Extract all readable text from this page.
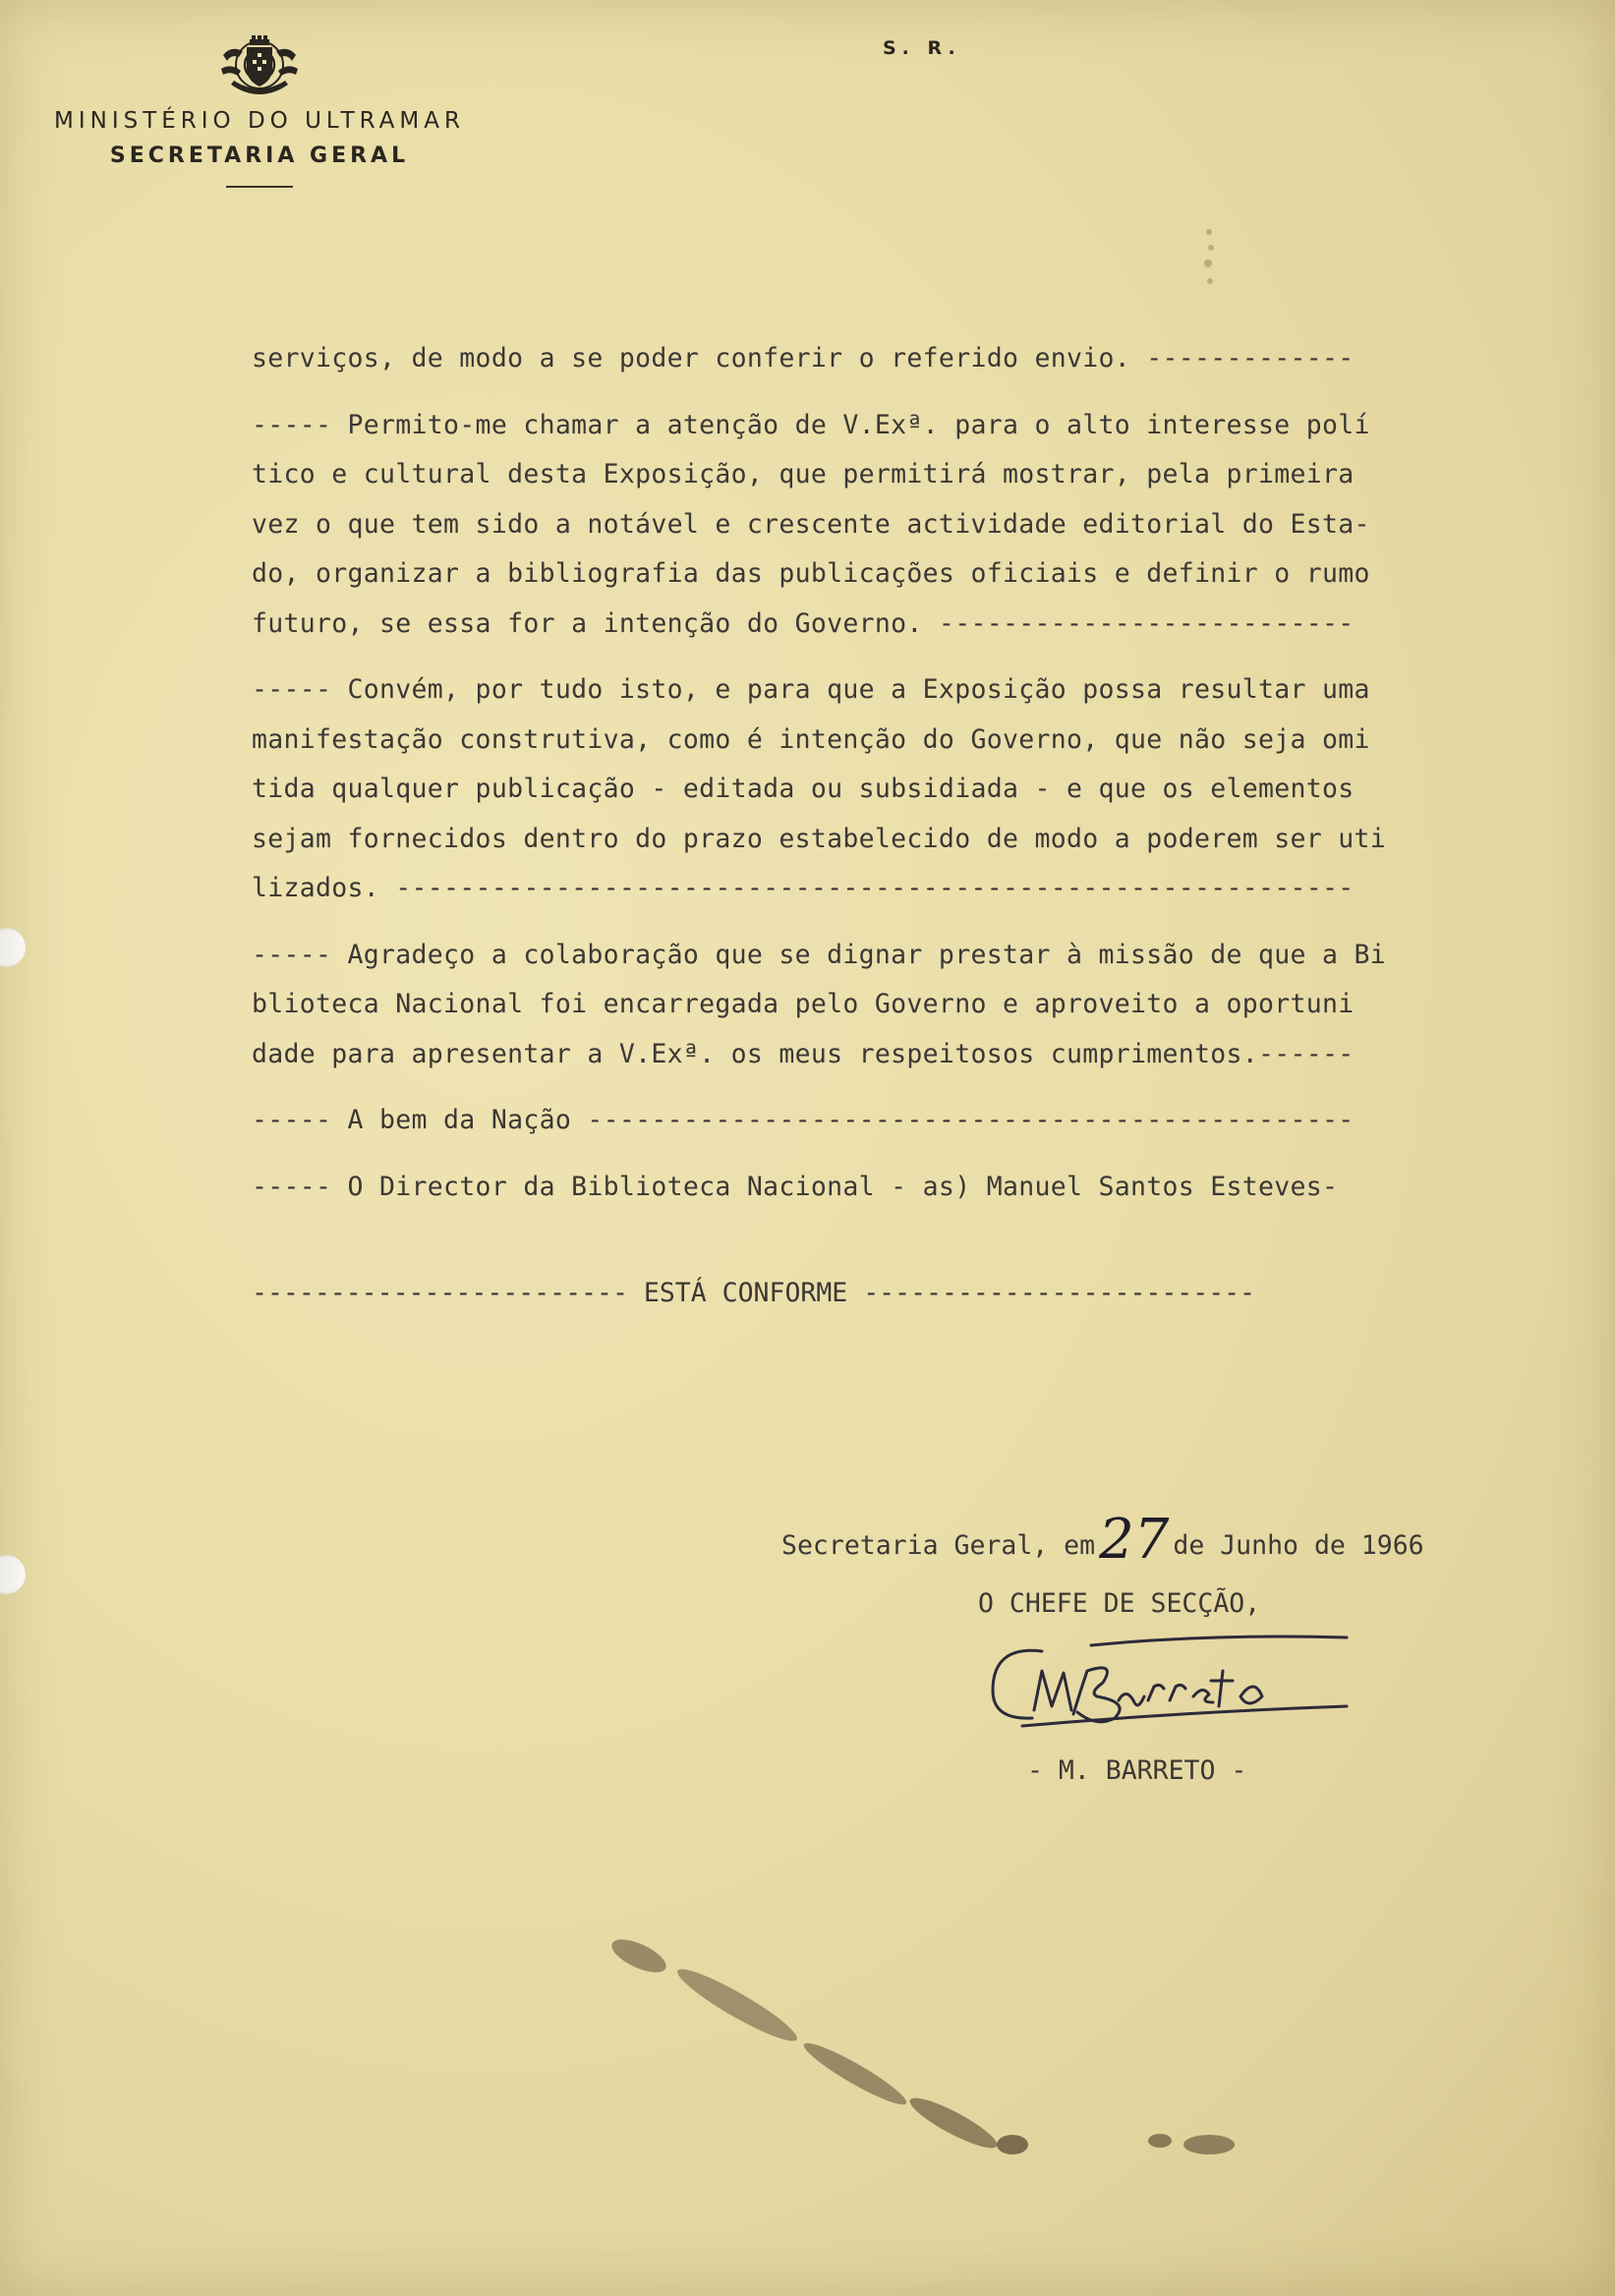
MINISTÉRIO DO ULTRAMAR
SECRETARIA GERAL
S. R.

serviços, de modo a se poder conferir o referido envio. -------------

----- Permito-me chamar a atenção de V.Exª. para o alto interesse polí
tico e cultural desta Exposição, que permitirá mostrar, pela primeira
vez o que tem sido a notável e crescente actividade editorial do Esta-
do, organizar a bibliografia das publicações oficiais e definir o rumo
futuro, se essa for a intenção do Governo. --------------------------

----- Convém, por tudo isto, e para que a Exposição possa resultar uma
manifestação construtiva, como é intenção do Governo, que não seja omi
tida qualquer publicação - editada ou subsidiada - e que os elementos
sejam fornecidos dentro do prazo estabelecido de modo a poderem ser uti
lizados. ------------------------------------------------------------

----- Agradeço a colaboração que se dignar prestar à missão de que a Bi
blioteca Nacional foi encarregada pelo Governo e aproveito a oportuni
dade para apresentar a V.Exª. os meus respeitosos cumprimentos.------

----- A bem da Nação ------------------------------------------------

----- O Director da Biblioteca Nacional - as) Manuel Santos Esteves-

------------------------ ESTÁ CONFORME -------------------------
Secretaria Geral, em 27 de Junho de 1966
O CHEFE DE SECÇÃO,
- M. BARRETO -
